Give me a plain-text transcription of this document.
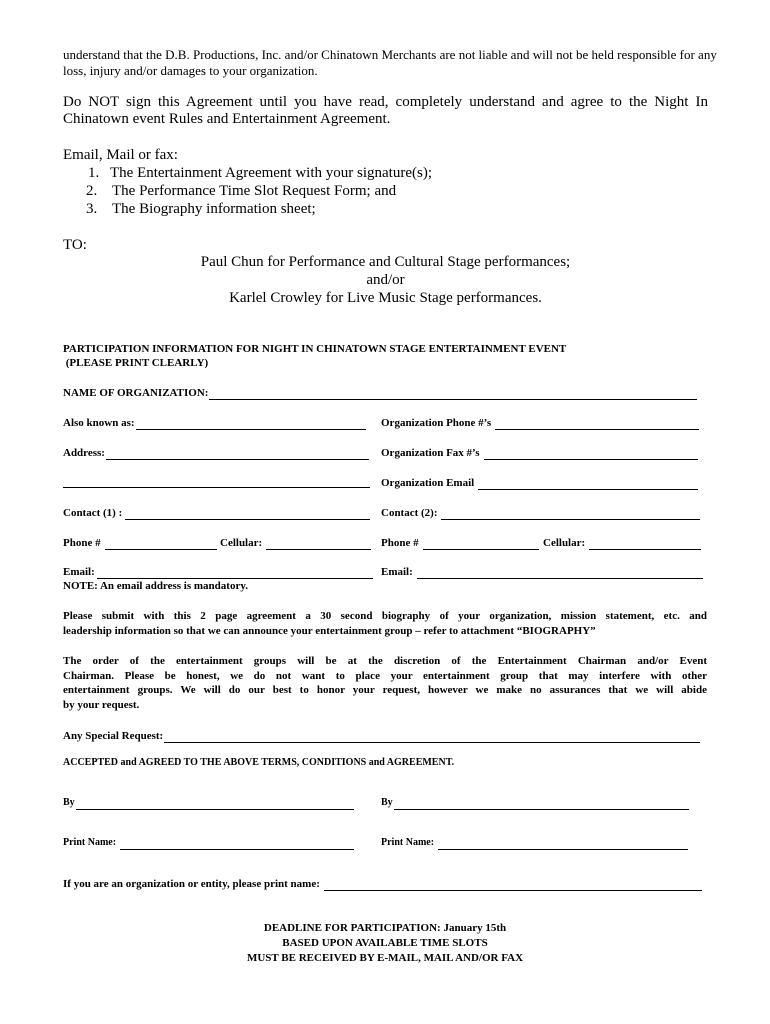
understand that the D.B. Productions, Inc. and/or Chinatown Merchants are not liable and will not be held responsible for any
loss, injury and/or damages to your organization.
Do NOT sign this Agreement until you have read, completely understand and agree to the Night In
Chinatown event Rules and Entertainment Agreement.
Email, Mail or fax:
1. The Entertainment Agreement with your signature(s);
2. The Performance Time Slot Request Form; and
3. The Biography information sheet;
TO:
Paul Chun for Performance and Cultural Stage performances;
and/or
Karlel Crowley for Live Music Stage performances.
PARTICIPATION INFORMATION FOR NIGHT IN CHINATOWN STAGE ENTERTAINMENT EVENT
(PLEASE PRINT CLEARLY)
NAME OF ORGANIZATION:
Also known as:	Organization Phone #’s
Address:	Organization Fax #’s
Organization Email
Contact (1) :	Contact (2):
Phone #	Cellular:	Phone #	Cellular:
Email:	Email:
NOTE: An email address is mandatory.
Please submit with this 2 page agreement a 30 second biography of your organization, mission statement, etc. and
leadership information so that we can announce your entertainment group – refer to attachment “BIOGRAPHY”
The order of the entertainment groups will be at the discretion of the Entertainment Chairman and/or Event
Chairman. Please be honest, we do not want to place your entertainment group that may interfere with other
entertainment groups. We will do our best to honor your request, however we make no assurances that we will abide
by your request.
Any Special Request:
ACCEPTED and AGREED TO THE ABOVE TERMS, CONDITIONS and AGREEMENT.
By	By
Print Name:	Print Name:
If you are an organization or entity, please print name:
DEADLINE FOR PARTICIPATION: January 15th
BASED UPON AVAILABLE TIME SLOTS
MUST BE RECEIVED BY E-MAIL, MAIL AND/OR FAX
